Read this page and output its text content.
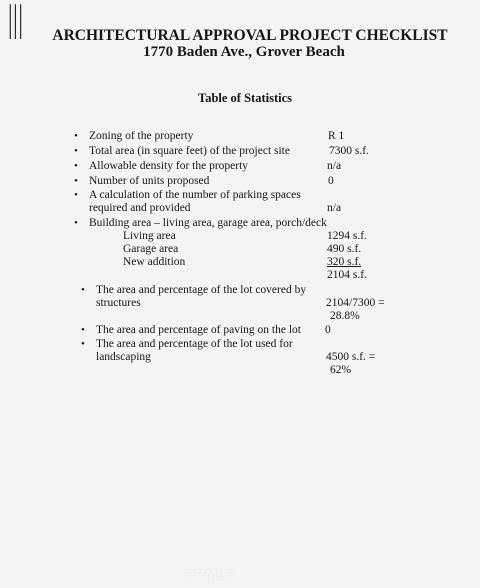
|||	ARCHITECTURAL APPROVAL PROJECT CHECKLIST
1770 Baden Ave., Grover Beach
Table of Statistics
• Zoning of the property	R 1
• Total area (in square feet) of the project site	7300 s.f.
• Allowable density for the property	n/a
• Number of units proposed	0
• A calculation of the number of parking spaces
required and provided	n/a
• Building area – living area, garage area, porch/deck
Living area	1294 s.f.
Garage area	490 s.f.
New addition	320 s.f.
2104 s.f.
• The area and percentage of the lot covered by
structures	2104/7300 =
28.8%
• The area and percentage of paving on the lot 0
• The area and percentage of the lot used for
landscaping	4500 s.f. =
62%
CRMLS
